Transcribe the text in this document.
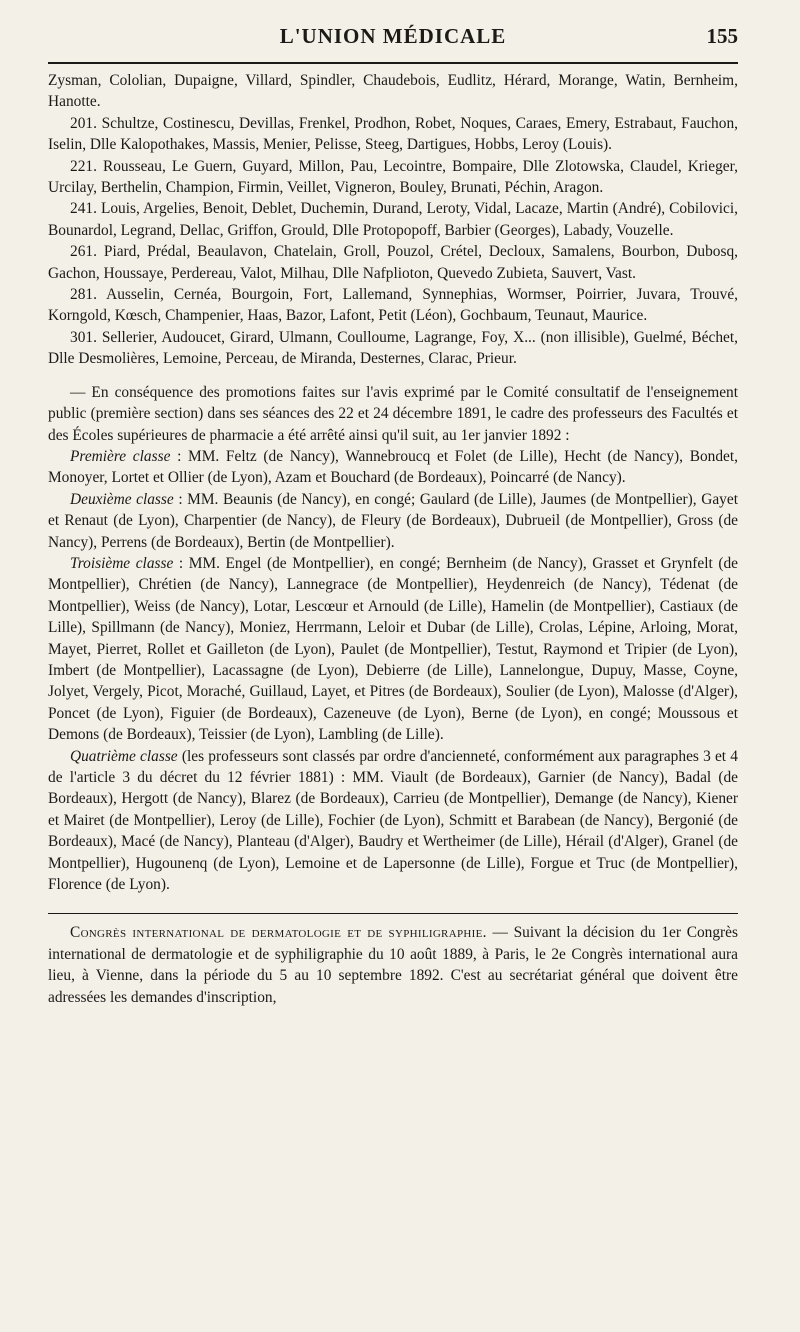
L'UNION MÉDICALE	155

Zysman, Cololian, Dupaigne, Villard, Spindler, Chaudebois, Eudlitz, Hérard, Morange, Watin, Bernheim, Hanotte.

201. Schultze, Costinescu, Devillas, Frenkel, Prodhon, Robet, Noques, Caraes, Emery, Estrabaut, Fauchon, Iselin, Dlle Kalopothakes, Massis, Menier, Pelisse, Steeg, Dartigues, Hobbs, Leroy (Louis).

221. Rousseau, Le Guern, Guyard, Millon, Pau, Lecointre, Bompaire, Dlle Zlotowska, Claudel, Krieger, Urcilay, Berthelin, Champion, Firmin, Veillet, Vigneron, Bouley, Brunati, Péchin, Aragon.

241. Louis, Argelies, Benoit, Deblet, Duchemin, Durand, Leroty, Vidal, Lacaze, Martin (André), Cobilovici, Bounardol, Legrand, Dellac, Griffon, Grould, Dlle Protopopoff, Barbier (Georges), Labady, Vouzelle.

261. Piard, Prédal, Beaulavon, Chatelain, Groll, Pouzol, Crétel, Decloux, Samalens, Bourbon, Dubosq, Gachon, Houssaye, Perdereau, Valot, Milhau, Dlle Nafplioton, Quevedo Zubieta, Sauvert, Vast.

281. Ausselin, Cernéa, Bourgoin, Fort, Lallemand, Synnephias, Wormser, Poirrier, Juvara, Trouvé, Korngold, Kœsch, Champenier, Haas, Bazor, Lafont, Petit (Léon), Gochbaum, Teunaut, Maurice.

301. Sellerier, Audoucet, Girard, Ulmann, Coulloume, Lagrange, Foy, X... (non illisible), Guelmé, Béchet, Dlle Desmolières, Lemoine, Perceau, de Miranda, Desternes, Clarac, Prieur.

— En conséquence des promotions faites sur l'avis exprimé par le Comité consultatif de l'enseignement public (première section) dans ses séances des 22 et 24 décembre 1891, le cadre des professeurs des Facultés et des Écoles supérieures de pharmacie a été arrêté ainsi qu'il suit, au 1er janvier 1892 :

Première classe : MM. Feltz (de Nancy), Wannebroucq et Folet (de Lille), Hecht (de Nancy), Bondet, Monoyer, Lortet et Ollier (de Lyon), Azam et Bouchard (de Bordeaux), Poincarré (de Nancy).

Deuxième classe : MM. Beaunis (de Nancy), en congé; Gaulard (de Lille), Jaumes (de Montpellier), Gayet et Renaut (de Lyon), Charpentier (de Nancy), de Fleury (de Bordeaux), Dubrueil (de Montpellier), Gross (de Nancy), Perrens (de Bordeaux), Bertin (de Montpellier).

Troisième classe : MM. Engel (de Montpellier), en congé; Bernheim (de Nancy), Grasset et Grynfelt (de Montpellier), Chrétien (de Nancy), Lannegrace (de Montpellier), Heydenreich (de Nancy), Tédenat (de Montpellier), Weiss (de Nancy), Lotar, Lescœur et Arnould (de Lille), Hamelin (de Montpellier), Castiaux (de Lille), Spillmann (de Nancy), Moniez, Herrmann, Leloir et Dubar (de Lille), Crolas, Lépine, Arloing, Morat, Mayet, Pierret, Rollet et Gailleton (de Lyon), Paulet (de Montpellier), Testut, Raymond et Tripier (de Lyon), Imbert (de Montpellier), Lacassagne (de Lyon), Debierre (de Lille), Lannelongue, Dupuy, Masse, Coyne, Jolyet, Vergely, Picot, Moraché, Guillaud, Layet, et Pitres (de Bordeaux), Soulier (de Lyon), Malosse (d'Alger), Poncet (de Lyon), Figuier (de Bordeaux), Cazeneuve (de Lyon), Berne (de Lyon), en congé; Moussous et Demons (de Bordeaux), Teissier (de Lyon), Lambling (de Lille).

Quatrième classe (les professeurs sont classés par ordre d'ancienneté, conformément aux paragraphes 3 et 4 de l'article 3 du décret du 12 février 1881) : MM. Viault (de Bordeaux), Garnier (de Nancy), Badal (de Bordeaux), Hergott (de Nancy), Blarez (de Bordeaux), Carrieu (de Montpellier), Demange (de Nancy), Kiener et Mairet (de Montpellier), Leroy (de Lille), Fochier (de Lyon), Schmitt et Barabean (de Nancy), Bergonié (de Bordeaux), Macé (de Nancy), Planteau (d'Alger), Baudry et Wertheimer (de Lille), Hérail (d'Alger), Granel (de Montpellier), Hugounenq (de Lyon), Lemoine et de Lapersonne (de Lille), Forgue et Truc (de Montpellier), Florence (de Lyon).

Congrès international de dermatologie et de syphiligraphie. — Suivant la décision du 1er Congrès international de dermatologie et de syphiligraphie du 10 août 1889, à Paris, le 2e Congrès international aura lieu, à Vienne, dans la période du 5 au 10 septembre 1892. C'est au secrétariat général que doivent être adressées les demandes d'inscription,
